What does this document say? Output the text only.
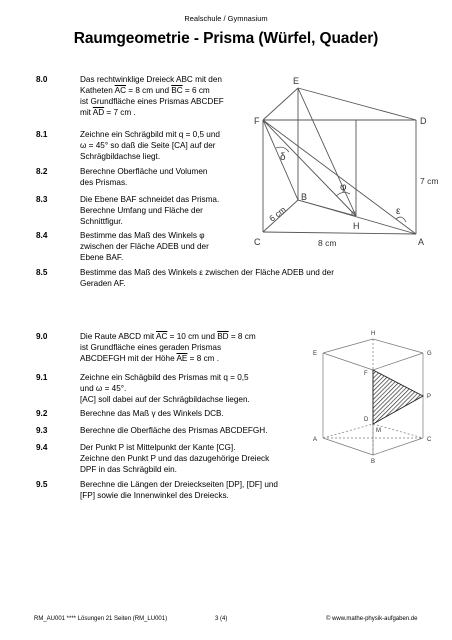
Realschule / Gymnasium
Raumgeometrie - Prisma (Würfel, Quader)
8.0	Das rechtwinklige Dreieck ABC mit den
Katheten $\overline{AC} = 8$ cm und $\overline{BC} = 6$ cm
ist Grundfläche eines Prismas ABCDEF
mit $\overline{AD} = 7$ cm .
8.1	Zeichne ein Schrägbild mit q = 0,5 und
ω = 45° so daß die Seite [CA] auf der
Schrägbildachse liegt.
8.2	Berechne Oberfläche und Volumen
des Prismas.
8.3	Die Ebene BAF schneidet das Prisma.
Berechne Umfang und Fläche der
Schnittfigur.
8.4	Bestimme das Maß des Winkels φ
zwischen der Fläche ADEB und der
Ebene BAF.
8.5	Bestimme das Maß des Winkels ε zwischen der Fläche ADEB und der
Geraden AF.
E
F	D
B
H
C	A
φ
δ
ε
6 cm
8 cm
7 cm
9.0	Die Raute ABCD mit $\overline{AC} = 10$ cm und $\overline{BD} = 8$ cm
ist Grundfläche eines geraden Prismas
ABCDEFGH mit der Höhe $\overline{AE} = 8$ cm .
9.1	Zeichne ein Schägbild des Prismas mit q = 0,5
und ω = 45°.
[AC] soll dabei auf der Schrägbildachse liegen.
9.2	Berechne das Maß γ des Winkels DCB.
9.3	Berechne die Oberfläche des Prismas ABCDEFGH.
9.4	Der Punkt P ist Mittelpunkt der Kante [CG].
Zeichne den Punkt P und das dazugehörige Dreieck
DPF in das Schrägbild ein.
9.5	Berechne die Längen der Dreieckseiten [DP], [DF] und
[FP] sowie die Innenwinkel des Dreiecks.
H
E	G
F
P
A
M
C
B
D
RM_AU001 **** Lösungen 21 Seiten (RM_LU001)	3 (4)	© www.mathe-physik-aufgaben.de
